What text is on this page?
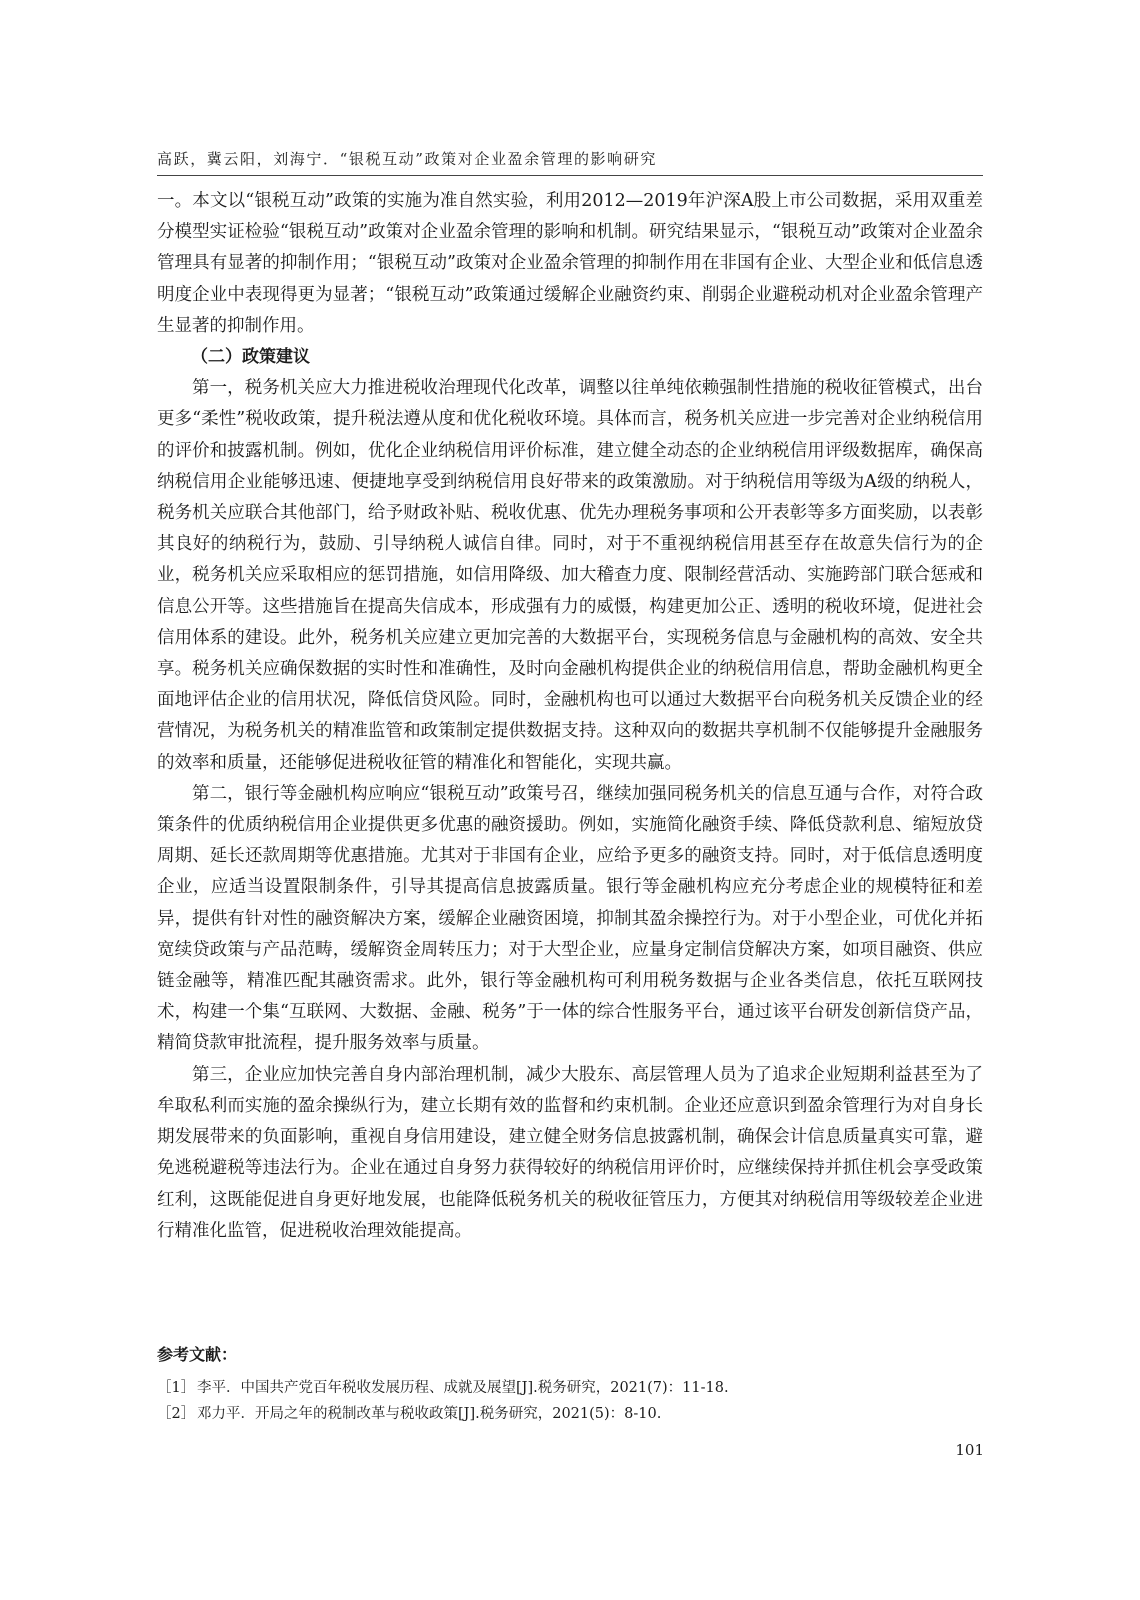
高跃，冀云阳，刘海宁．“银税互动”政策对企业盈余管理的影响研究

一。本文以“银税互动”政策的实施为准自然实验，利用2012—2019年沪深A股上市公司数据，采用双重差分模型实证检验“银税互动”政策对企业盈余管理的影响和机制。研究结果显示，“银税互动”政策对企业盈余管理具有显著的抑制作用；“银税互动”政策对企业盈余管理的抑制作用在非国有企业、大型企业和低信息透明度企业中表现得更为显著；“银税互动”政策通过缓解企业融资约束、削弱企业避税动机对企业盈余管理产生显著的抑制作用。

（二）政策建议

第一，税务机关应大力推进税收治理现代化改革，调整以往单纯依赖强制性措施的税收征管模式，出台更多“柔性”税收政策，提升税法遵从度和优化税收环境。具体而言，税务机关应进一步完善对企业纳税信用的评价和披露机制。例如，优化企业纳税信用评价标准，建立健全动态的企业纳税信用评级数据库，确保高纳税信用企业能够迅速、便捷地享受到纳税信用良好带来的政策激励。对于纳税信用等级为A级的纳税人，税务机关应联合其他部门，给予财政补贴、税收优惠、优先办理税务事项和公开表彰等多方面奖励，以表彰其良好的纳税行为，鼓励、引导纳税人诚信自律。同时，对于不重视纳税信用甚至存在故意失信行为的企业，税务机关应采取相应的惩罚措施，如信用降级、加大稽查力度、限制经营活动、实施跨部门联合惩戒和信息公开等。这些措施旨在提高失信成本，形成强有力的威慑，构建更加公正、透明的税收环境，促进社会信用体系的建设。此外，税务机关应建立更加完善的大数据平台，实现税务信息与金融机构的高效、安全共享。税务机关应确保数据的实时性和准确性，及时向金融机构提供企业的纳税信用信息，帮助金融机构更全面地评估企业的信用状况，降低信贷风险。同时，金融机构也可以通过大数据平台向税务机关反馈企业的经营情况，为税务机关的精准监管和政策制定提供数据支持。这种双向的数据共享机制不仅能够提升金融服务的效率和质量，还能够促进税收征管的精准化和智能化，实现共赢。

第二，银行等金融机构应响应“银税互动”政策号召，继续加强同税务机关的信息互通与合作，对符合政策条件的优质纳税信用企业提供更多优惠的融资援助。例如，实施简化融资手续、降低贷款利息、缩短放贷周期、延长还款周期等优惠措施。尤其对于非国有企业，应给予更多的融资支持。同时，对于低信息透明度企业，应适当设置限制条件，引导其提高信息披露质量。银行等金融机构应充分考虑企业的规模特征和差异，提供有针对性的融资解决方案，缓解企业融资困境，抑制其盈余操控行为。对于小型企业，可优化并拓宽续贷政策与产品范畴，缓解资金周转压力；对于大型企业，应量身定制信贷解决方案，如项目融资、供应链金融等，精准匹配其融资需求。此外，银行等金融机构可利用税务数据与企业各类信息，依托互联网技术，构建一个集“互联网、大数据、金融、税务”于一体的综合性服务平台，通过该平台研发创新信贷产品，精简贷款审批流程，提升服务效率与质量。

第三，企业应加快完善自身内部治理机制，减少大股东、高层管理人员为了追求企业短期利益甚至为了牟取私利而实施的盈余操纵行为，建立长期有效的监督和约束机制。企业还应意识到盈余管理行为对自身长期发展带来的负面影响，重视自身信用建设，建立健全财务信息披露机制，确保会计信息质量真实可靠，避免逃税避税等违法行为。企业在通过自身努力获得较好的纳税信用评价时，应继续保持并抓住机会享受政策红利，这既能促进自身更好地发展，也能降低税务机关的税收征管压力，方便其对纳税信用等级较差企业进行精准化监管，促进税收治理效能提高。

参考文献：
［1］ 李平．中国共产党百年税收发展历程、成就及展望[J].税务研究，2021(7)：11-18.
［2］ 邓力平．开局之年的税制改革与税收政策[J].税务研究，2021(5)：8-10.
101
